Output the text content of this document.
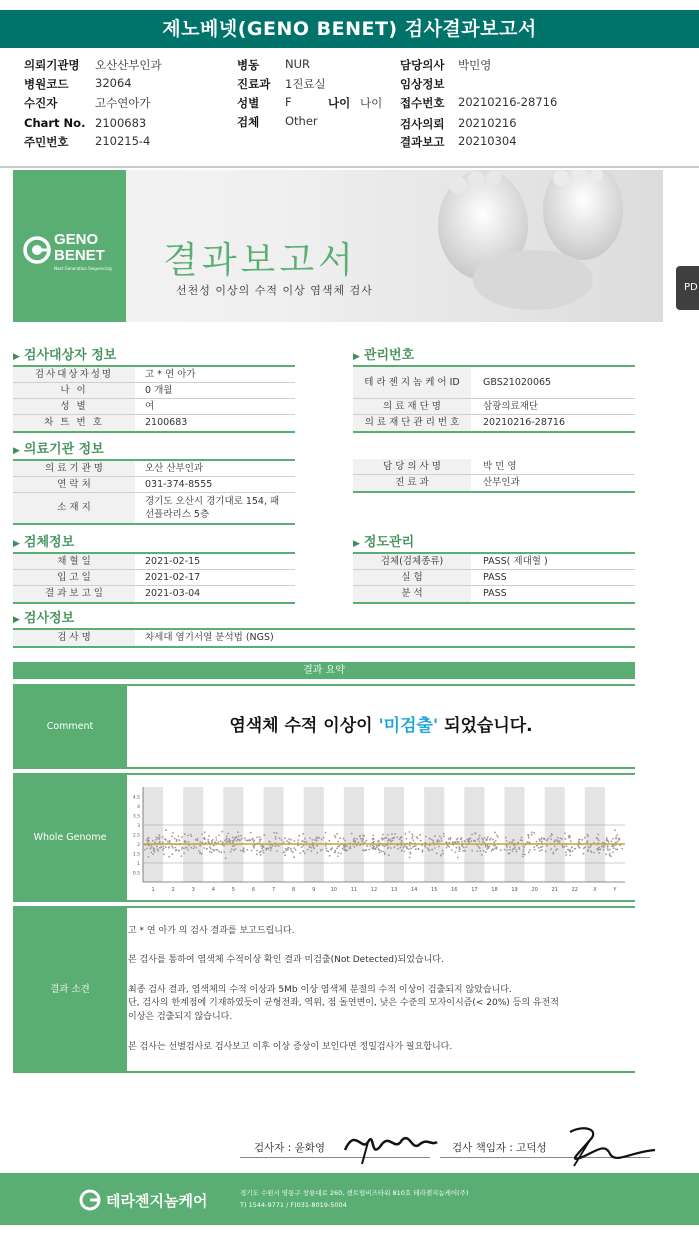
제노베넷(GENO BENET) 검사결과보고서
의뢰기관명 오산산부인과
병원코드 32064
수진자	고수연아가
Chart No. 2100683
주민번호 210215-4
병동 NUR
진료과 1진료실
성별 F	나이 나이
검체 Other
담당의사 박민영
임상정보
접수번호 20210216-28716
검사의뢰 20210216
결과보고 20210304
GENO
BENET
Next Generation Sequencing 결과보고서
선천성 이상의 수적 이상 염색체 검사	PD
▶ 검사대상자 정보
검사대상자성명	고 * 연 아가
나 이	0 개월
성 별	여
차 트 번 호	2100683
▶ 관리번호
테 라 젠 지 놈 케 어 ID	GBS21020065
의 료 재 단 명	삼광의료재단
의 료 재 단 관 리 번 호	20210216-28716
▶ 의료기관 정보
의 료 기 관 명	오산 산부인과
연 락 처	031-374-8555
소 재 지
경기도 오산시 경기대로 154, 패
선플라리스 5층
담 당 의 사 명	박 민 영
진 료 과	산부인과
▶ 검체정보
채 혈 일	2021-02-15
입 고 일	2021-02-17
결 과 보 고 일	2021-03-04
▶ 정도관리
검체(검체종류)	PASS( 제대혈 )
실 험	PASS
분 석	PASS
▶ 검사정보
검 사 명	차세대 염기서열 분석법 (NGS)
결과 요약
Comment	염색체 수적 이상이 '미검출' 되었습니다.
Whole Genome
4.5
4
3.5
3
2.5
2
1.5
1
0.5
1	2	3	4	5	6	7	8	9	10	11	12	13	14	15	16	17	18	19	20	21	22	X	Y
결과 소견
고 * 연 아가 의 검사 결과를 보고드립니다.
본 검사를 통하여 염색체 수적이상 확인 결과 미검출(Not Detected)되었습니다.
최종 검사 결과, 염색체의 수적 이상과 5Mb 이상 염색체 분절의 수적 이상이 검출되지 않았습니다.
단, 검사의 한계점에 기재하였듯이 균형전좌, 역위, 점 돌연변이, 낮은 수준의 모자이시즘(< 20%) 등의 유전적
이상은 검출되지 않습니다.
본 검사는 선별검사로 검사보고 이후 이상 증상이 보인다면 정밀검사가 필요합니다.
검사자 : 윤화영	검사 책임자 : 고덕성
테라젠지놈케어	경기도 수원시 영통구 창룡대로 260, 센트럴비즈타워 810호 테라젠지놈케어(주)
T) 1544-9771 / F)031-8019-5004
